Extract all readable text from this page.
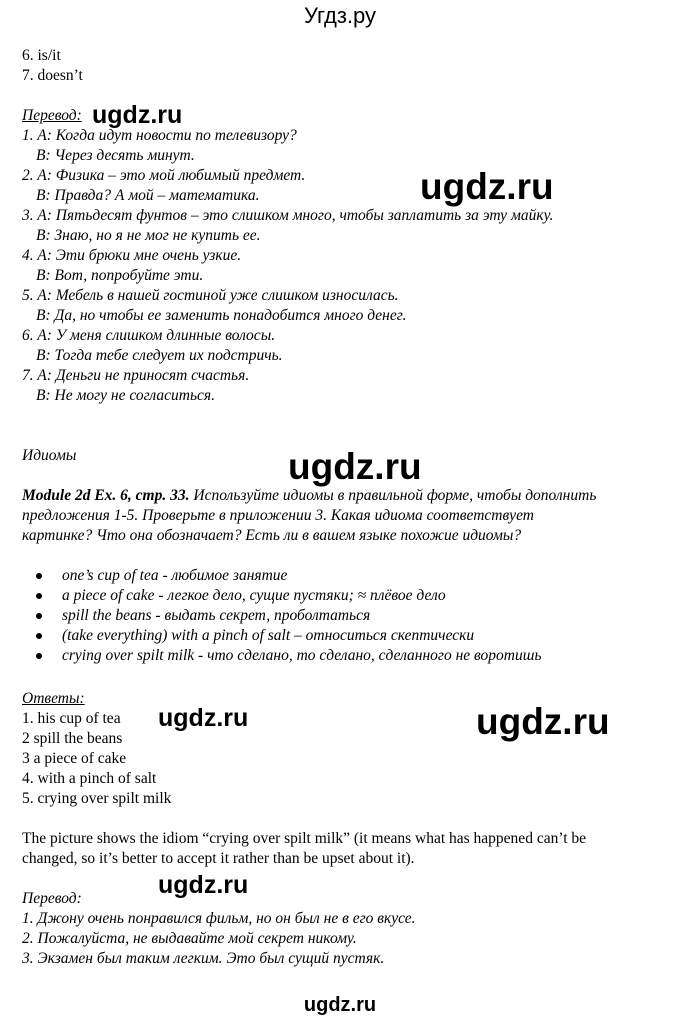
Угдз.ру
6. is/it
7. doesn’t
Перевод:
1. A: Когда идут новости по телевизору?
B: Через десять минут.
2. A: Физика – это мой любимый предмет.
B: Правда? А мой – математика.
3. A: Пятьдесят фунтов – это слишком много, чтобы заплатить за эту майку.
B: Знаю, но я не мог не купить ее.
4. A: Эти брюки мне очень узкие.
B: Вот, попробуйте эти.
5. A: Мебель в нашей гостиной уже слишком износилась.
B: Да, но чтобы ее заменить понадобится много денег.
6. A: У меня слишком длинные волосы.
B: Тогда тебе следует их подстричь.
7. A: Деньги не приносят счастья.
B: Не могу не согласиться.
Идиомы
Module 2d Ex. 6, стр. 33. Используйте идиомы в правильной форме, чтобы дополнить
предложения 1-5. Проверьте в приложении 3. Какая идиома соответствует
картинке? Что она обозначает? Есть ли в вашем языке похожие идиомы?
one’s cup of tea - любимое занятие
a piece of cake - легкое дело, сущие пустяки; ≈ плёвое дело
spill the beans - выдать секрет, проболтаться
(take everything) with a pinch of salt – относиться скептически
crying over spilt milk - что сделано, то сделано, сделанного не воротишь
Ответы:
1. his cup of tea
2 spill the beans
3 a piece of cake
4. with a pinch of salt
5. crying over spilt milk
The picture shows the idiom “crying over spilt milk” (it means what has happened can’t be
changed, so it’s better to accept it rather than be upset about it).
Перевод:
1. Джону очень понравился фильм, но он был не в его вкусе.
2. Пожалуйста, не выдавайте мой секрет никому.
3. Экзамен был таким легким. Это был сущий пустяк.
ugdz.ru
ugdz.ru
ugdz.ru
ugdz.ru	ugdz.ru
ugdz.ru
ugdz.ru
